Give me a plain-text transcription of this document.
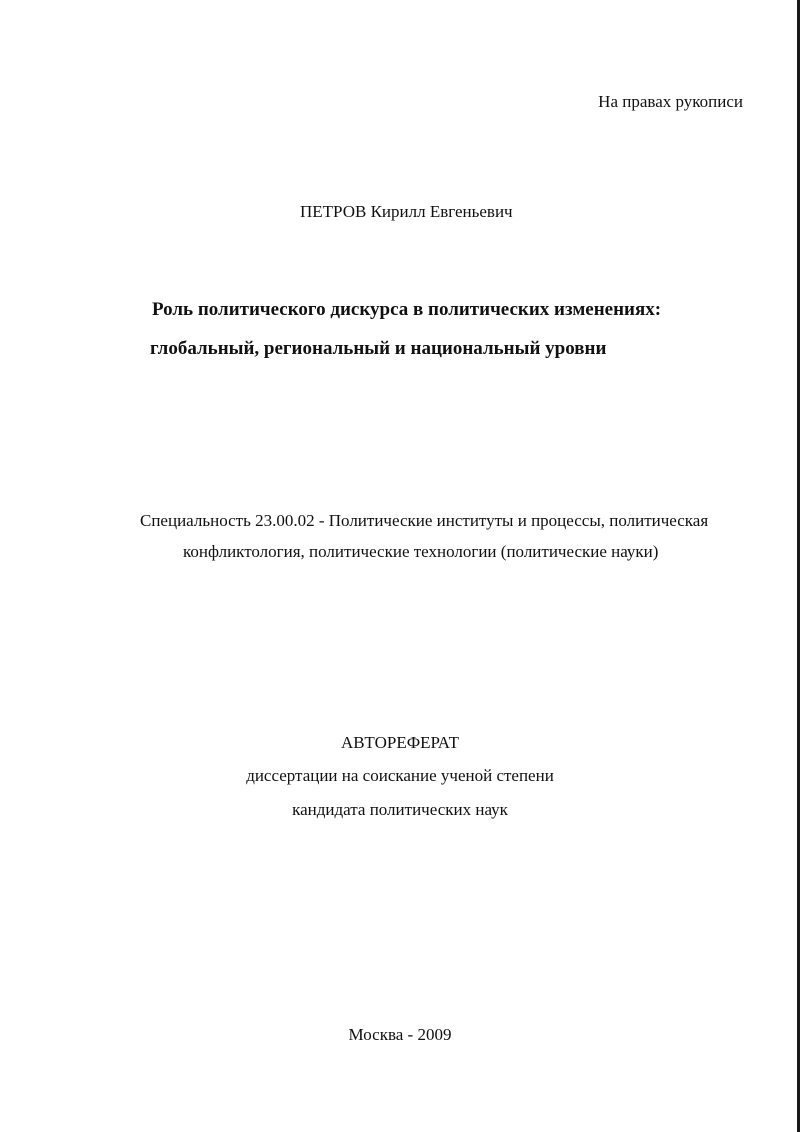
На правах рукописи
ПЕТРОВ Кирилл Евгеньевич
Роль политического дискурса в политических изменениях:
глобальный, региональный и национальный уровни
Специальность 23.00.02 - Политические институты и процессы, политическая
конфликтология, политические технологии (политические науки)
АВТОРЕФЕРАТ
диссертации на соискание ученой степени
кандидата политических наук
Москва - 2009
